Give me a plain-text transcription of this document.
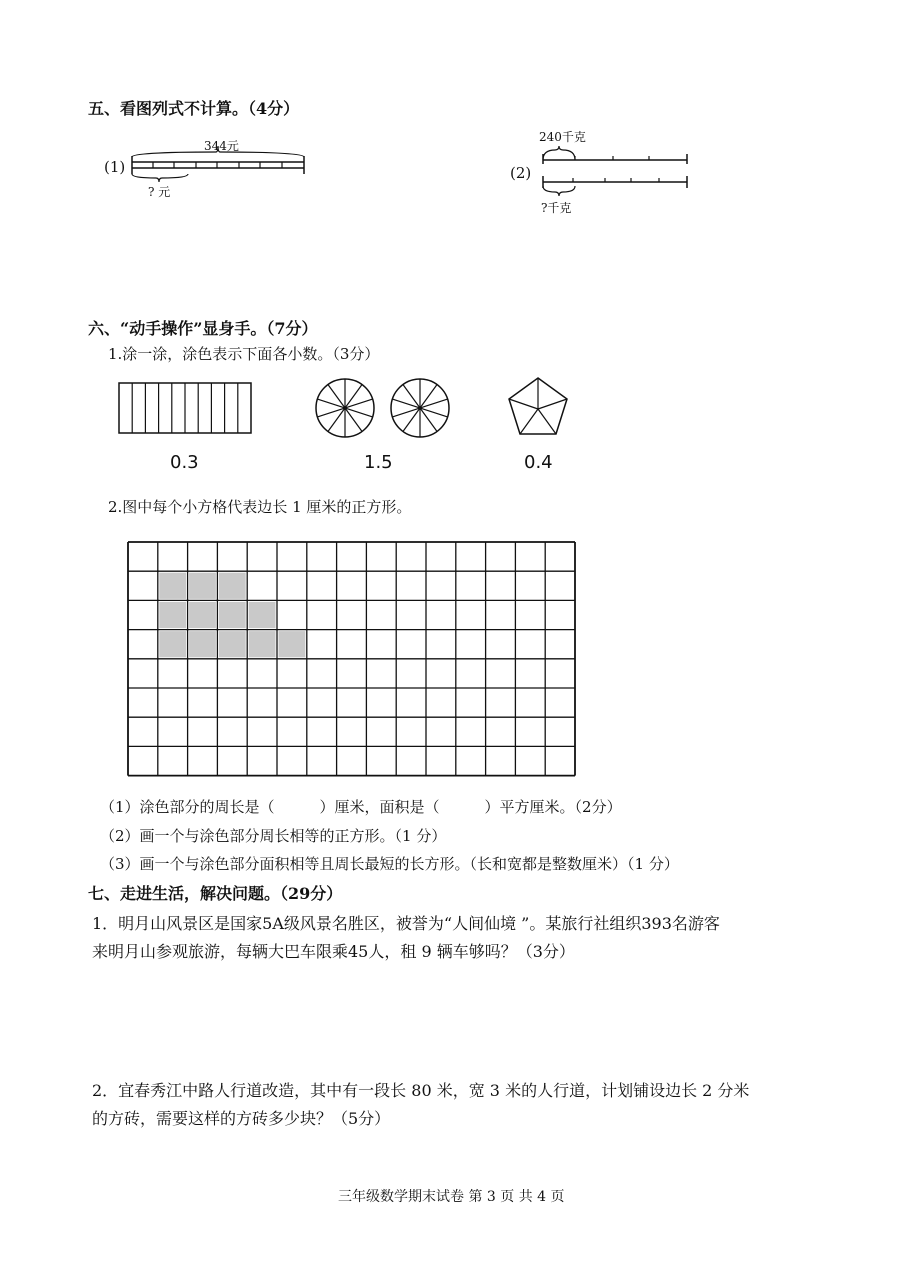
五、看图列式不计算。（4分）
(1)
344元
? 元
(2)
240千克
?千克
六、“动手操作”显身手。（7分）
1.涂一涂，涂色表示下面各小数。（3分）
0.3	1.5	0.4
2.图中每个小方格代表边长 1 厘米的正方形。
（1）涂色部分的周长是（　　　）厘米，面积是（　　　）平方厘米。（2分）
（2）画一个与涂色部分周长相等的正方形。（1 分）
（3）画一个与涂色部分面积相等且周长最短的长方形。（长和宽都是整数厘米）（1 分）
七、走进生活，解决问题。（29分）
1．明月山风景区是国家5A级风景名胜区，被誉为“人间仙境 ”。某旅行社组织393名游客
来明月山参观旅游，每辆大巴车限乘45人，租 9 辆车够吗？（3分）
2．宜春秀江中路人行道改造，其中有一段长 80 米，宽 3 米的人行道，计划铺设边长 2 分米
的方砖，需要这样的方砖多少块？（5分）
三年级数学期末试卷 第 3 页 共 4 页
